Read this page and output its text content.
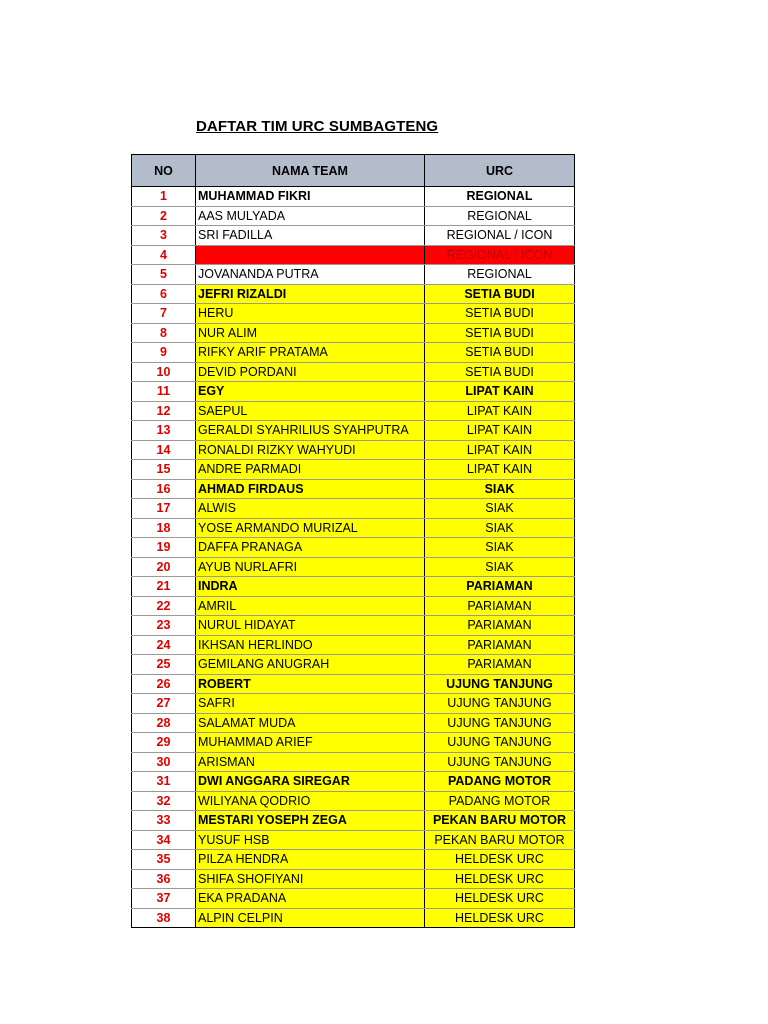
DAFTAR TIM URC SUMBAGTENG
NO	NAMA TEAM	URC
1	MUHAMMAD FIKRI	REGIONAL
2	AAS MULYADA	REGIONAL
3	SRI FADILLA	REGIONAL / ICON
4		REGIONAL / ICON
5	JOVANANDA PUTRA	REGIONAL
6	JEFRI RIZALDI	SETIA BUDI
7	HERU	SETIA BUDI
8	NUR ALIM	SETIA BUDI
9	RIFKY ARIF PRATAMA	SETIA BUDI
10	DEVID PORDANI	SETIA BUDI
11	EGY	LIPAT KAIN
12	SAEPUL	LIPAT KAIN
13	GERALDI SYAHRILIUS SYAHPUTRA	LIPAT KAIN
14	RONALDI RIZKY WAHYUDI	LIPAT KAIN
15	ANDRE PARMADI	LIPAT KAIN
16	AHMAD FIRDAUS	SIAK
17	ALWIS	SIAK
18	YOSE ARMANDO MURIZAL	SIAK
19	DAFFA PRANAGA	SIAK
20	AYUB NURLAFRI	SIAK
21	INDRA	PARIAMAN
22	AMRIL	PARIAMAN
23	NURUL HIDAYAT	PARIAMAN
24	IKHSAN HERLINDO	PARIAMAN
25	GEMILANG ANUGRAH	PARIAMAN
26	ROBERT	UJUNG TANJUNG
27	SAFRI	UJUNG TANJUNG
28	SALAMAT MUDA	UJUNG TANJUNG
29	MUHAMMAD ARIEF	UJUNG TANJUNG
30	ARISMAN	UJUNG TANJUNG
31	DWI ANGGARA SIREGAR	PADANG MOTOR
32	WILIYANA QODRIO	PADANG MOTOR
33	MESTARI YOSEPH ZEGA	PEKAN BARU MOTOR
34	YUSUF HSB	PEKAN BARU MOTOR
35	PILZA HENDRA	HELDESK URC
36	SHIFA SHOFIYANI	HELDESK URC
37	EKA PRADANA	HELDESK URC
38	ALPIN CELPIN	HELDESK URC
